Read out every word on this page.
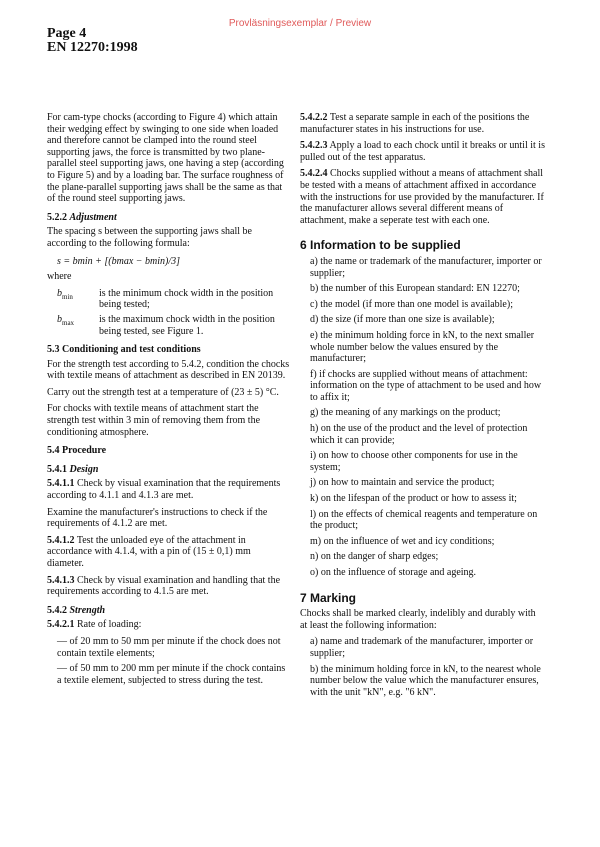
Provläsningsexemplar / Preview
Page 4
EN 12270:1998

For cam-type chocks (according to Figure 4) which attain their wedging effect by swinging to one side when loaded and therefore cannot be clamped into the round steel supporting jaws, the force is transmitted by two plane-parallel steel supporting jaws, one having a step (according to Figure 5) and by a loading bar. The surface roughness of the plane-parallel supporting jaws shall be the same as that of the round steel supporting jaws.

5.2.2 Adjustment

The spacing s between the supporting jaws shall be according to the following formula:

s = bmin + [(bmax − bmin)/3]

where

$b_{min}$	is the minimum chock width in the position being tested;
$b_{max}$	is the maximum chock width in the position being tested, see Figure 1.
5.3 Conditioning and test conditions

For the strength test according to 5.4.2, condition the chocks with textile means of attachment as described in EN 20139.

Carry out the strength test at a temperature of (23 ± 5) °C.

For chocks with textile means of attachment start the strength test within 3 min of removing them from the conditioning atmosphere.

5.4 Procedure
5.4.1 Design

5.4.1.1 Check by visual examination that the requirements according to 4.1.1 and 4.1.3 are met.

Examine the manufacturer's instructions to check if the requirements of 4.1.2 are met.

5.4.1.2 Test the unloaded eye of the attachment in accordance with 4.1.4, with a pin of (15 ± 0,1) mm diameter.

5.4.1.3 Check by visual examination and handling that the requirements according to 4.1.5 are met.

5.4.2 Strength

5.4.2.1 Rate of loading:

— of 20 mm to 50 mm per minute if the chock does not contain textile elements;

— of 50 mm to 200 mm per minute if the chock contains a textile element, subjected to stress during the test.

5.4.2.2 Test a separate sample in each of the positions the manufacturer states in his instructions for use.

5.4.2.3 Apply a load to each chock until it breaks or until it is pulled out of the test apparatus.

5.4.2.4 Chocks supplied without a means of attachment shall be tested with a means of attachment affixed in accordance with the instructions for use provided by the manufacturer. If the manufacturer allows several different means of attachment, make a seperate test with each one.

6 Information to be supplied

a) the name or trademark of the manufacturer, importer or supplier;

b) the number of this European standard: EN 12270;

c) the model (if more than one model is available);

d) the size (if more than one size is available);

e) the minimum holding force in kN, to the next smaller whole number below the values ensured by the manufacturer;

f) if chocks are supplied without means of attachment: information on the type of attachment to be used and how to affix it;

g) the meaning of any markings on the product;

h) on the use of the product and the level of protection which it can provide;

i) on how to choose other components for use in the system;

j) on how to maintain and service the product;

k) on the lifespan of the product or how to assess it;

l) on the effects of chemical reagents and temperature on the product;

m) on the influence of wet and icy conditions;

n) on the danger of sharp edges;

o) on the influence of storage and ageing.

7 Marking

Chocks shall be marked clearly, indelibly and durably with at least the following information:

a) name and trademark of the manufacturer, importer or supplier;

b) the minimum holding force in kN, to the nearest whole number below the value which the manufacturer ensures, with the unit "kN", e.g. "6 kN".
